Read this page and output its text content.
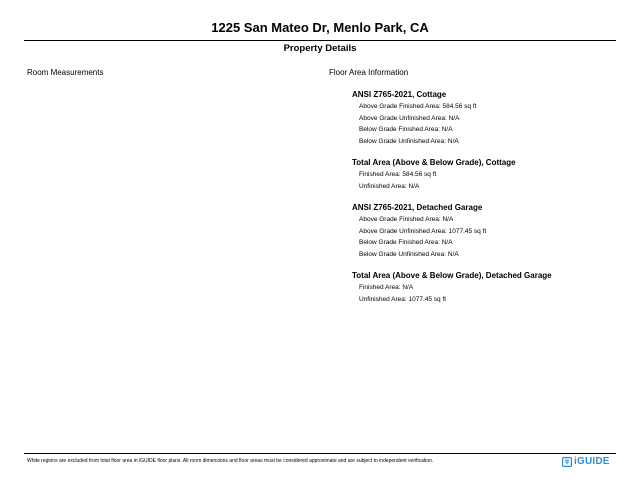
1225 San Mateo Dr, Menlo Park, CA
Property Details
Room Measurements	Floor Area Information
ANSI Z765-2021, Cottage
Above Grade Finished Area: 584.56 sq ft
Above Grade Unfinished Area: N/A
Below Grade Finished Area: N/A
Below Grade Unfinished Area: N/A
Total Area (Above & Below Grade), Cottage
Finished Area: 584.56 sq ft
Unfinished Area: N/A
ANSI Z765-2021, Detached Garage
Above Grade Finished Area: N/A
Above Grade Unfinished Area: 1077.45 sq ft
Below Grade Finished Area: N/A
Below Grade Unfinished Area: N/A
Total Area (Above & Below Grade), Detached Garage
Finished Area: N/A
Unfinished Area: 1077.45 sq ft
White regions are excluded from total floor area in iGUIDE floor plans. All room dimensions and floor areas must be considered approximate and are subject to independent verification.	iGUIDE
